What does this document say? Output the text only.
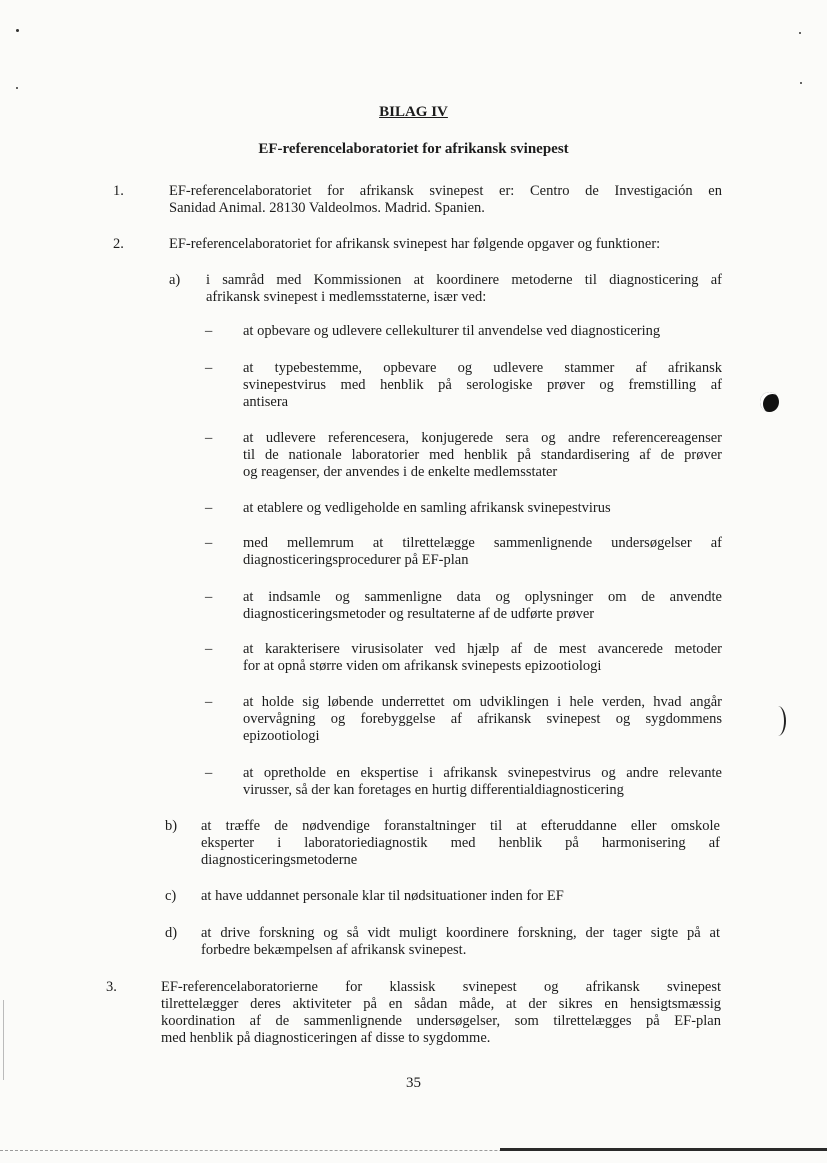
BILAG IV
EF-referencelaboratoriet for afrikansk svinepest
1.	EF-referencelaboratoriet for afrikansk svinepest er: Centro de Investigación en
Sanidad Animal. 28130 Valdeolmos. Madrid. Spanien.
2.	EF-referencelaboratoriet for afrikansk svinepest har følgende opgaver og funktioner:
a) i samråd med Kommissionen at koordinere metoderne til diagnosticering af
afrikansk svinepest i medlemsstaterne, især ved:
–	at opbevare og udlevere cellekulturer til anvendelse ved diagnosticering
–	at typebestemme, opbevare og udlevere stammer af afrikansk
svinepestvirus med henblik på serologiske prøver og fremstilling af
antisera
–	at udlevere referencesera, konjugerede sera og andre referencereagenser
til de nationale laboratorier med henblik på standardisering af de prøver
og reagenser, der anvendes i de enkelte medlemsstater
–	at etablere og vedligeholde en samling afrikansk svinepestvirus
–	med mellemrum at tilrettelægge sammenlignende undersøgelser af
diagnosticeringsprocedurer på EF-plan
–	at indsamle og sammenligne data og oplysninger om de anvendte
diagnosticeringsmetoder og resultaterne af de udførte prøver
–	at karakterisere virusisolater ved hjælp af de mest avancerede metoder
for at opnå større viden om afrikansk svinepests epizootiologi
–	at holde sig løbende underrettet om udviklingen i hele verden, hvad angår
overvågning og forebyggelse af afrikansk svinepest og sygdommens
epizootiologi
–	at opretholde en ekspertise i afrikansk svinepestvirus og andre relevante
virusser, så der kan foretages en hurtig differentialdiagnosticering
b) at træffe de nødvendige foranstaltninger til at efteruddanne eller omskole
eksperter i laboratoriediagnostik med henblik på harmonisering af
diagnosticeringsmetoderne
c) at have uddannet personale klar til nødsituationer inden for EF
d) at drive forskning og så vidt muligt koordinere forskning, der tager sigte på at
forbedre bekæmpelsen af afrikansk svinepest.
3.	EF-referencelaboratorierne for klassisk svinepest og afrikansk svinepest
tilrettelægger deres aktiviteter på en sådan måde, at der sikres en hensigtsmæssig
koordination af de sammenlignende undersøgelser, som tilrettelægges på EF-plan
med henblik på diagnosticeringen af disse to sygdomme.
35
